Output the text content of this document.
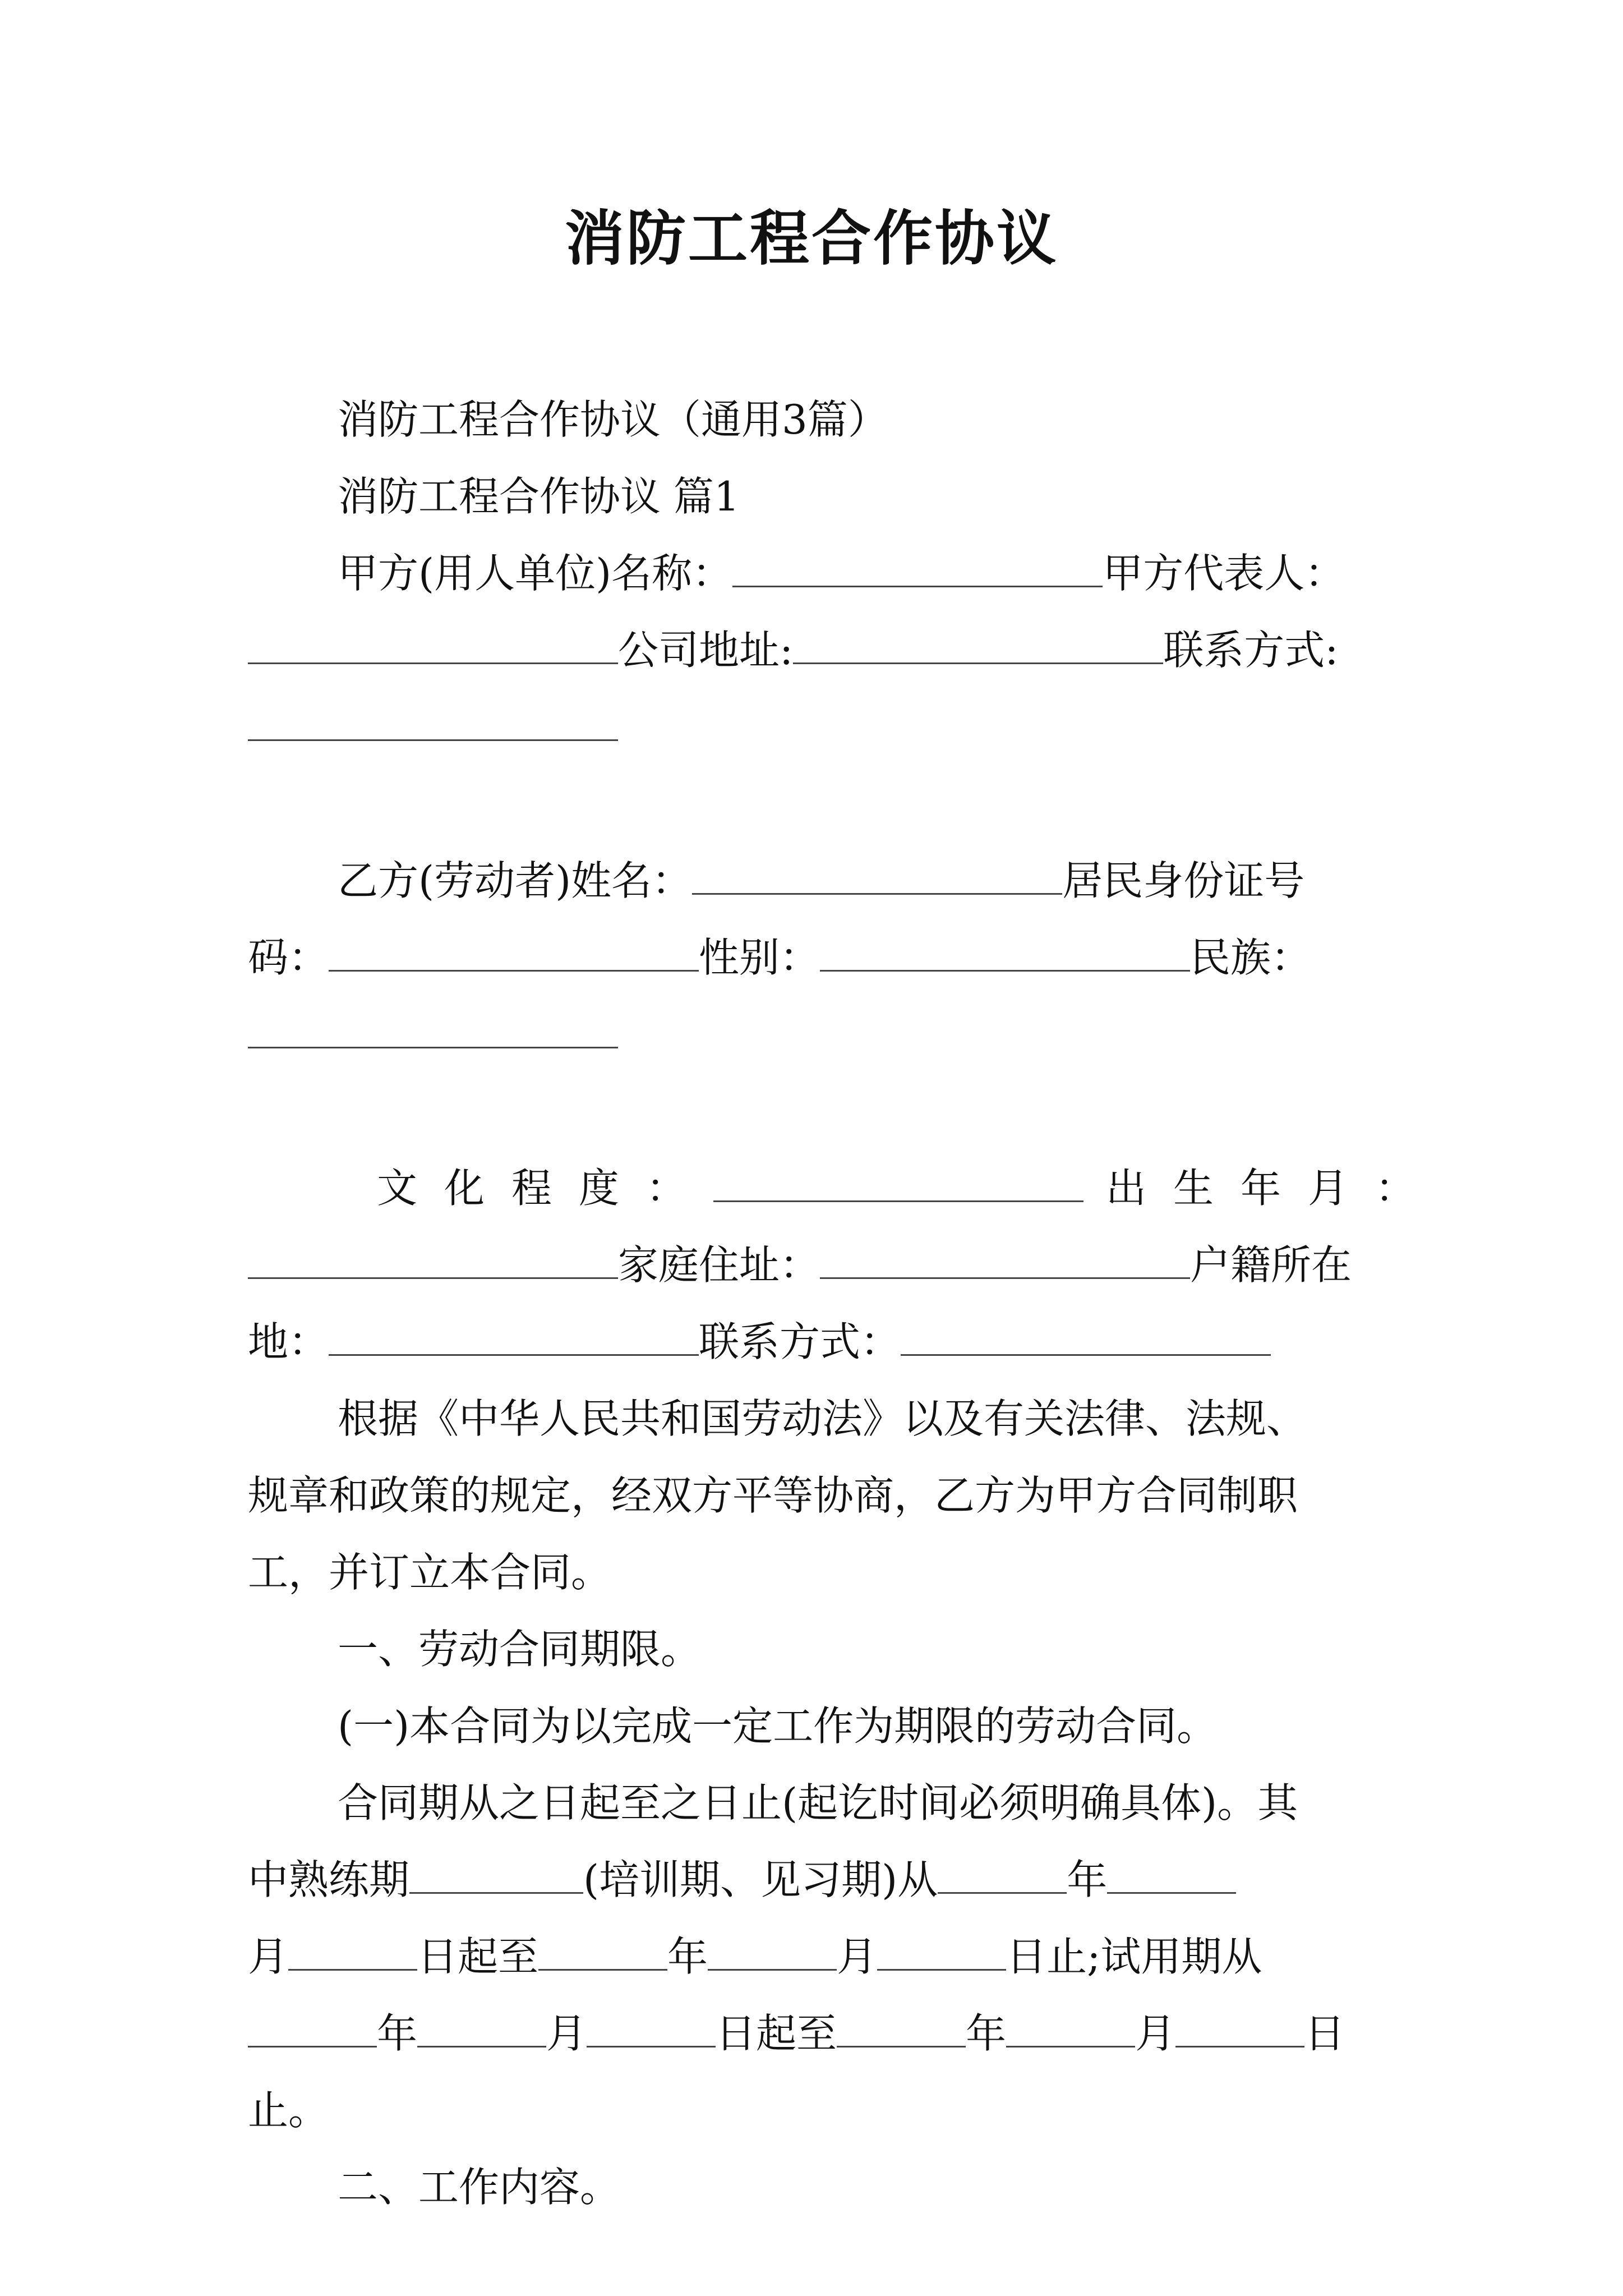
消防工程合作协议
消防工程合作协议（通用3篇）
消防工程合作协议 篇1
甲方(用人单位)名称：	甲方代表人：
公司地址:	联系方式:
乙方(劳动者)姓名：	居民身份证号
码：	性别：	民族：
文化程度：	出生年月：
家庭住址：	户籍所在
地：	联系方式：
根据《中华人民共和国劳动法》以及有关法律、法规、
规章和政策的规定，经双方平等协商，乙方为甲方合同制职
工，并订立本合同。
一、劳动合同期限。
(一)本合同为以完成一定工作为期限的劳动合同。
合同期从之日起至之日止(起讫时间必须明确具体)。其
中熟练期	(培训期、见习期)从	年
月	日起至	年	月	日止;试用期从
年	月	日起至	年	月	日
止。
二、工作内容。
